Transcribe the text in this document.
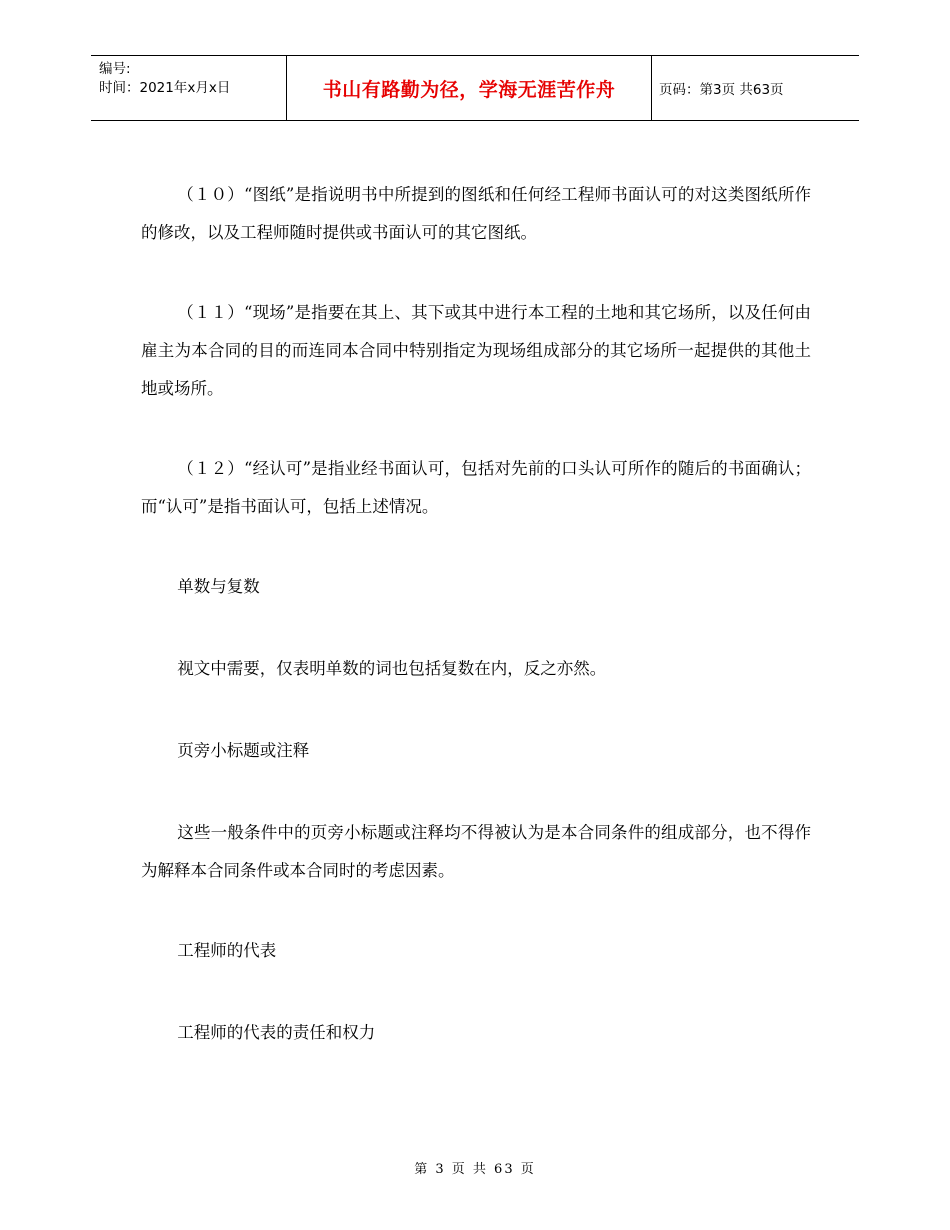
编号:
时间：2021年x月x日	书山有路勤为径，学海无涯苦作舟	页码：第3页 共63页

（１０）“图纸”是指说明书中所提到的图纸和任何经工程师书面认可的对这类图纸所作的修改，以及工程师随时提供或书面认可的其它图纸。

（１１）“现场”是指要在其上、其下或其中进行本工程的土地和其它场所，以及任何由雇主为本合同的目的而连同本合同中特别指定为现场组成部分的其它场所一起提供的其他土地或场所。

（１２）“经认可”是指业经书面认可，包括对先前的口头认可所作的随后的书面确认；而“认可”是指书面认可，包括上述情况。

单数与复数

视文中需要，仅表明单数的词也包括复数在内，反之亦然。

页旁小标题或注释

这些一般条件中的页旁小标题或注释均不得被认为是本合同条件的组成部分，也不得作为解释本合同条件或本合同时的考虑因素。

工程师的代表

工程师的代表的责任和权力

第 3 页 共 63 页
